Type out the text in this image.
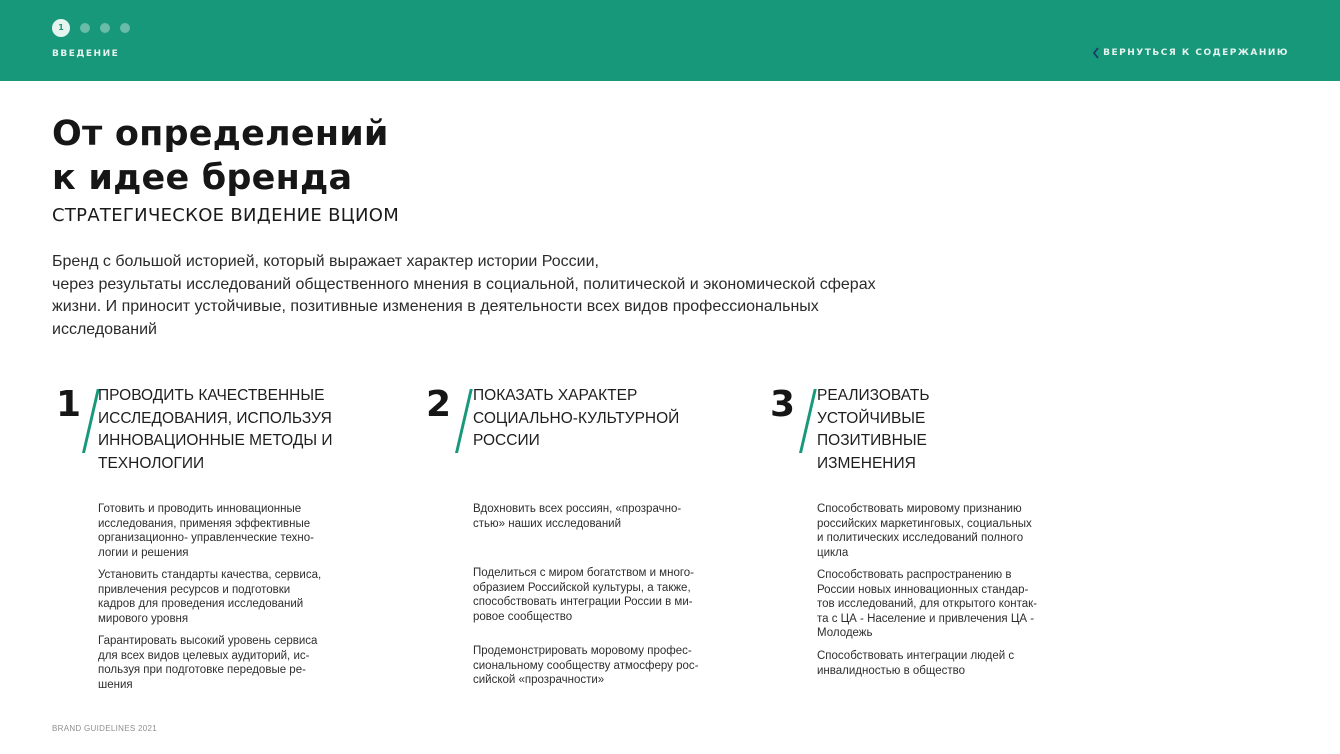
1
ВВЕДЕНИЕ	ВЕРНУТЬСЯ К СОДЕРЖАНИЮ
От определений
к идее бренда
СТРАТЕГИЧЕСКОЕ ВИДЕНИЕ ВЦИОМ
Бренд с большой историей, который выражает характер истории России,
через результаты исследований общественного мнения в социальной, политической и экономической сферах
жизни. И приносит устойчивые, позитивные изменения в деятельности всех видов профессиональных
исследований
1 ПРОВОДИТЬ КАЧЕСТВЕННЫЕ
ИССЛЕДОВАНИЯ, ИСПОЛЬЗУЯ
ИННОВАЦИОННЫЕ МЕТОДЫ И
ТЕХНОЛОГИИ
Готовить и проводить инновационные
исследования, применяя эффективные
организационно- управленческие техно-
логии и решения
Установить стандарты качества, сервиса,
привлечения ресурсов и подготовки
кадров для проведения исследований
мирового уровня
Гарантировать высокий уровень сервиса
для всех видов целевых аудиторий, ис-
пользуя при подготовке передовые ре-
шения
2 ПОКАЗАТЬ ХАРАКТЕР
СОЦИАЛЬНО-КУЛЬТУРНОЙ
РОССИИ
Вдохновить всех россиян, «прозрачно-
стью» наших исследований
Поделиться с миром богатством и много-
образием Российской культуры, а также,
способствовать интеграции России в ми-
ровое сообщество
Продемонстрировать моровому профес-
сиональному сообществу атмосферу рос-
сийской «прозрачности»
3 РЕАЛИЗОВАТЬ
УСТОЙЧИВЫЕ
ПОЗИТИВНЫЕ
ИЗМЕНЕНИЯ
Способствовать мировому признанию
российских маркетинговых, социальных
и политических исследований полного
цикла
Способствовать распространению в
России новых инновационных стандар-
тов исследований, для открытого контак-
та с ЦА - Население и привлечения ЦА -
Молодежь
Способствовать интеграции людей с
инвалидностью в общество
BRAND GUIDELINES 2021
